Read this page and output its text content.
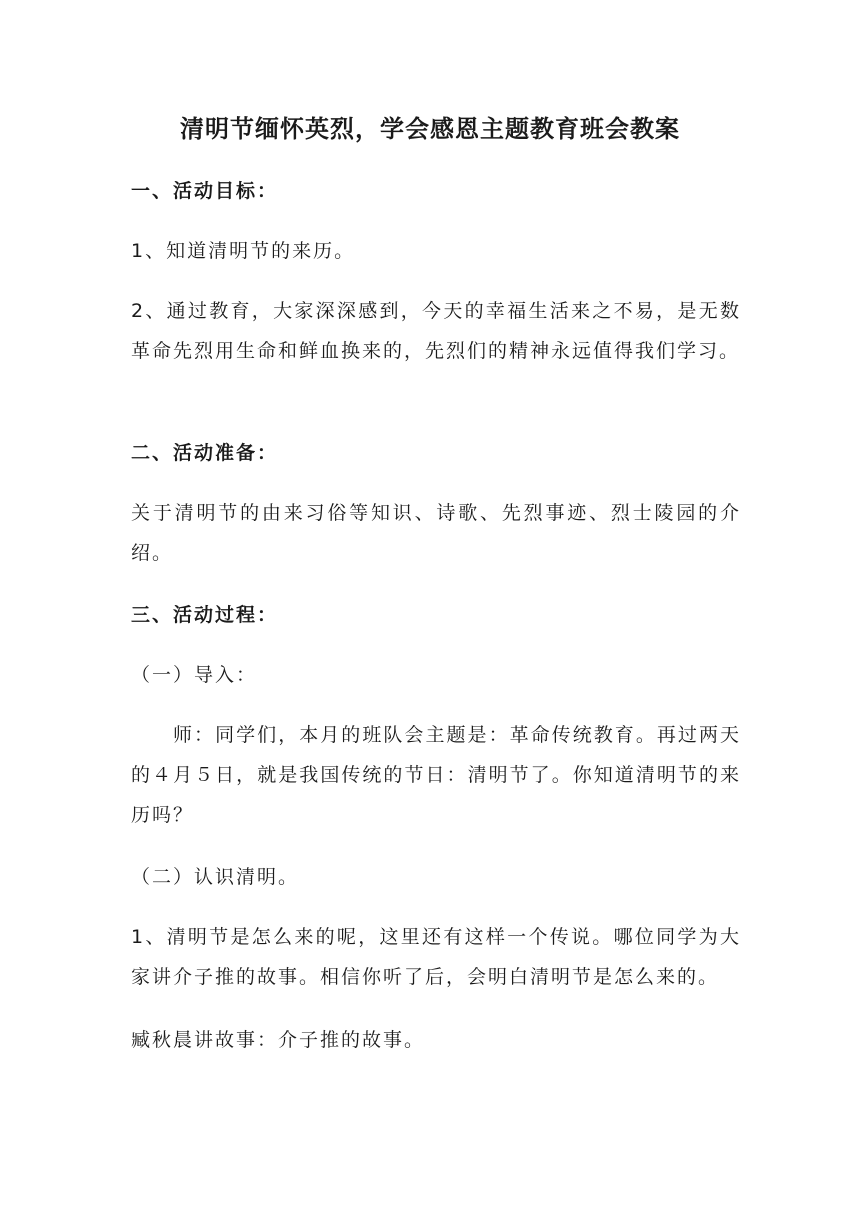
清明节缅怀英烈，学会感恩主题教育班会教案
一、活动目标：
1、知道清明节的来历。
2、通过教育，大家深深感到，今天的幸福生活来之不易，是无数革命先烈用生命和鲜血换来的，先烈们的精神永远值得我们学习。
二、活动准备：
关于清明节的由来习俗等知识、诗歌、先烈事迹、烈士陵园的介绍。
三、活动过程：
（一）导入：
师：同学们，本月的班队会主题是：革命传统教育。再过两天的４月５日，就是我国传统的节日：清明节了。你知道清明节的来历吗？
（二）认识清明。
1、清明节是怎么来的呢，这里还有这样一个传说。哪位同学为大家讲介子推的故事。相信你听了后，会明白清明节是怎么来的。
臧秋晨讲故事：介子推的故事。
